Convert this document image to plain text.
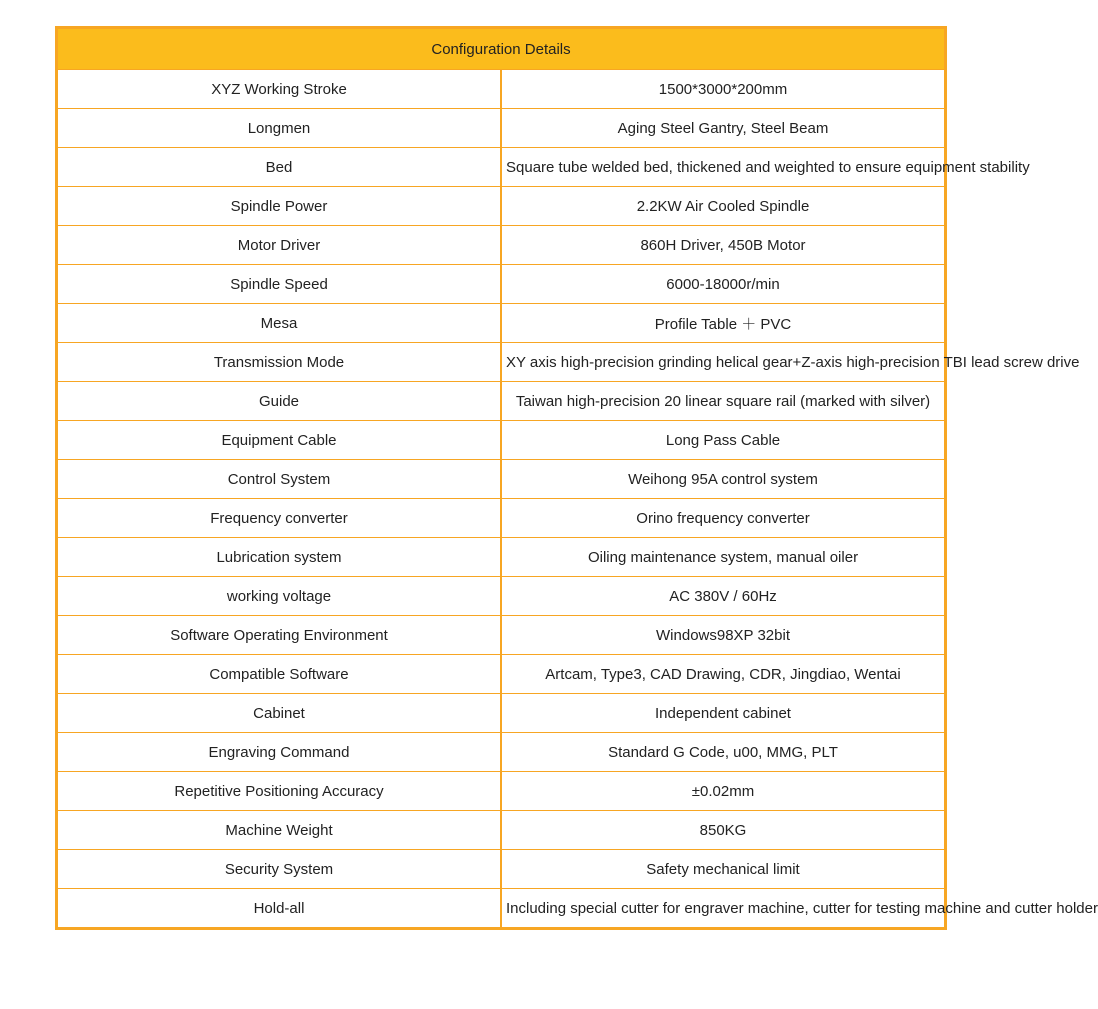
Configuration Details	
XYZ Working Stroke	1500*3000*200mm
Longmen	Aging Steel Gantry, Steel Beam
Bed	Square tube welded bed, thickened and weighted to ensure equipment stability
Spindle Power	2.2KW Air Cooled Spindle
Motor Driver	860H Driver, 450B Motor
Spindle Speed	6000-18000r/min
Mesa	Profile Table ＋ PVC
Transmission Mode	XY axis high-precision grinding helical gear+Z-axis high-precision TBI lead screw drive
Guide	Taiwan high-precision 20 linear square rail (marked with silver)
Equipment Cable	Long Pass Cable
Control System	Weihong 95A control system
Frequency converter	Orino frequency converter
Lubrication system	Oiling maintenance system, manual oiler
working voltage	AC 380V / 60Hz
Software Operating Environment	Windows98XP 32bit
Compatible Software	Artcam, Type3, CAD Drawing, CDR, Jingdiao, Wentai
Cabinet	Independent cabinet
Engraving Command	Standard G Code, u00, MMG, PLT
Repetitive Positioning Accuracy	±0.02mm
Machine Weight	850KG
Security System	Safety mechanical limit
Hold-all	Including special cutter for engraver machine, cutter for testing machine and cutter holder
